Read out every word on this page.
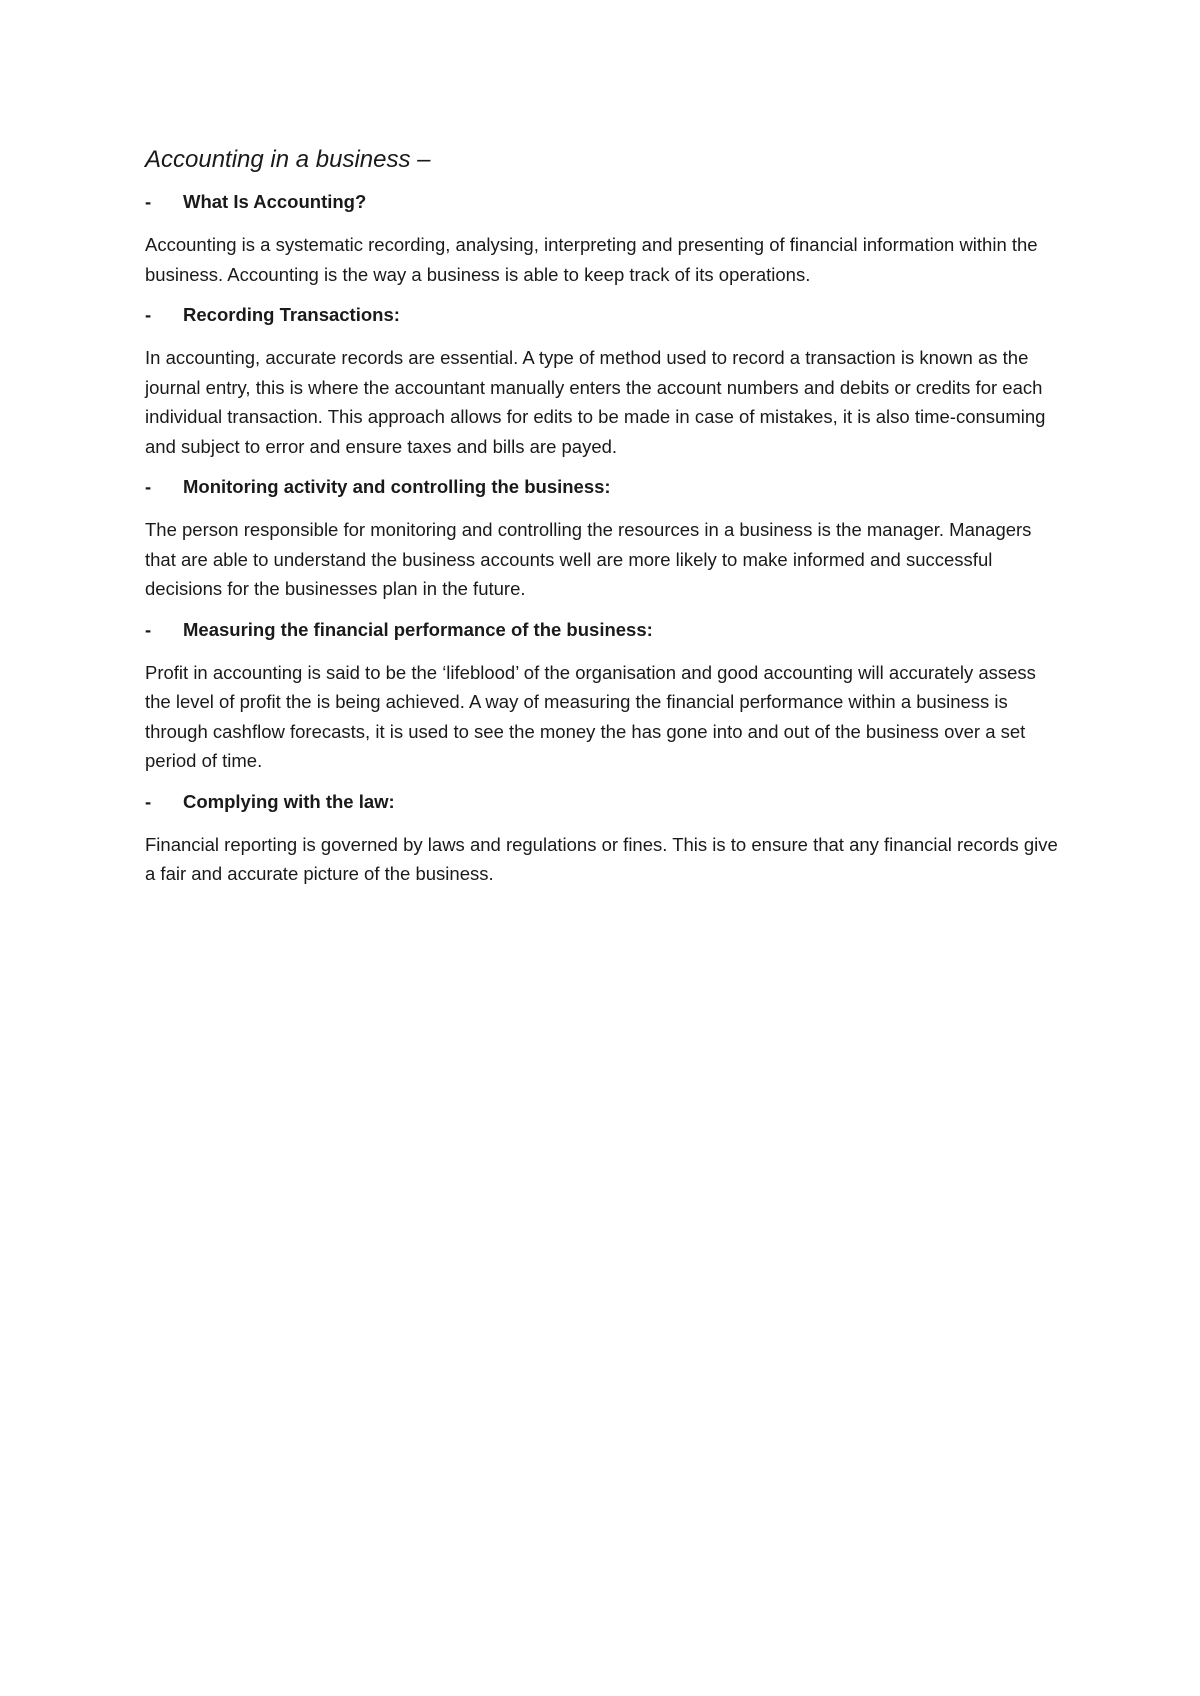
Accounting in a business –
-	What Is Accounting?

Accounting is a systematic recording, analysing, interpreting and presenting of financial information within the business. Accounting is the way a business is able to keep track of its operations.

-	Recording Transactions:

In accounting, accurate records are essential. A type of method used to record a transaction is known as the journal entry, this is where the accountant manually enters the account numbers and debits or credits for each individual transaction. This approach allows for edits to be made in case of mistakes, it is also time-consuming and subject to error and ensure taxes and bills are payed.

-	Monitoring activity and controlling the business:

The person responsible for monitoring and controlling the resources in a business is the manager. Managers that are able to understand the business accounts well are more likely to make informed and successful decisions for the businesses plan in the future.

-	Measuring the financial performance of the business:

Profit in accounting is said to be the ‘lifeblood’ of the organisation and good accounting will accurately assess the level of profit the is being achieved. A way of measuring the financial performance within a business is through cashflow forecasts, it is used to see the money the has gone into and out of the business over a set period of time.

-	Complying with the law:

Financial reporting is governed by laws and regulations or fines. This is to ensure that any financial records give a fair and accurate picture of the business.
